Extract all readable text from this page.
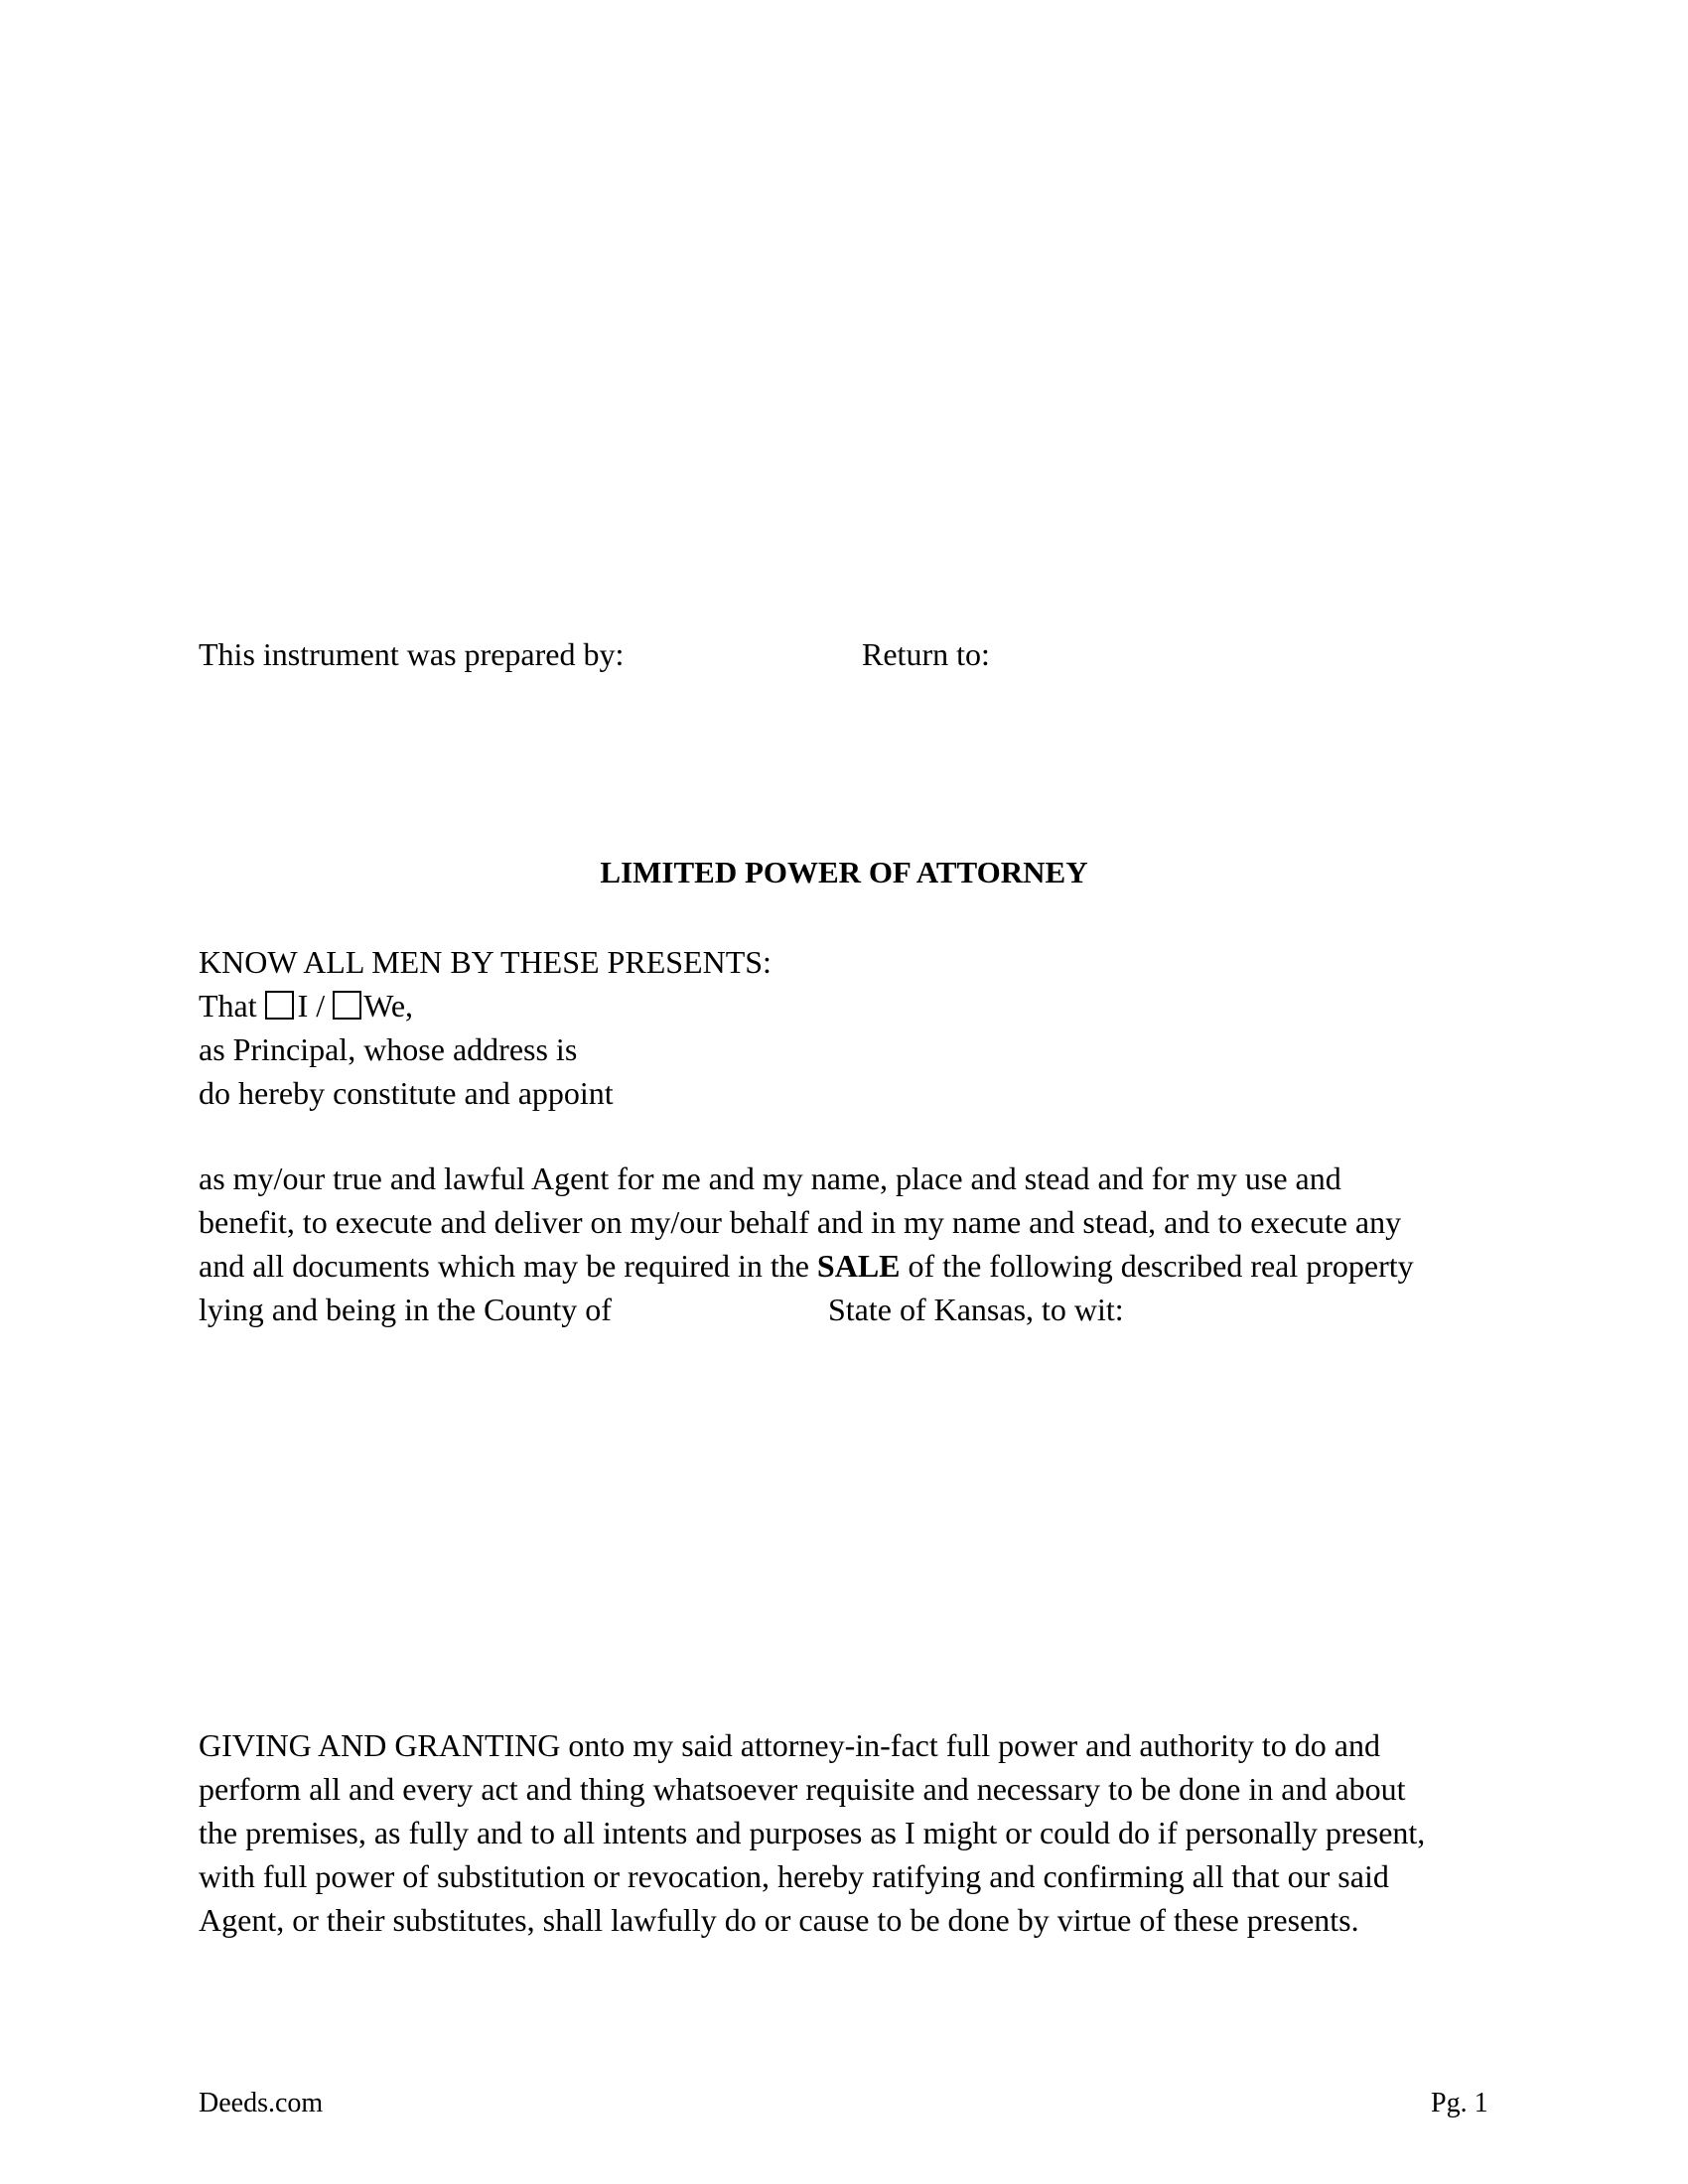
This instrument was prepared by:	Return to:
LIMITED POWER OF ATTORNEY
KNOW ALL MEN BY THESE PRESENTS:
That I / We,
as Principal, whose address is
do hereby constitute and appoint
as my/our true and lawful Agent for me and my name, place and stead and for my use and
benefit, to execute and deliver on my/our behalf and in my name and stead, and to execute any
and all documents which may be required in the SALE of the following described real property
lying and being in the County of	State of Kansas, to wit:
GIVING AND GRANTING onto my said attorney-in-fact full power and authority to do and
perform all and every act and thing whatsoever requisite and necessary to be done in and about
the premises, as fully and to all intents and purposes as I might or could do if personally present,
with full power of substitution or revocation, hereby ratifying and confirming all that our said
Agent, or their substitutes, shall lawfully do or cause to be done by virtue of these presents.
Deeds.com	Pg. 1
